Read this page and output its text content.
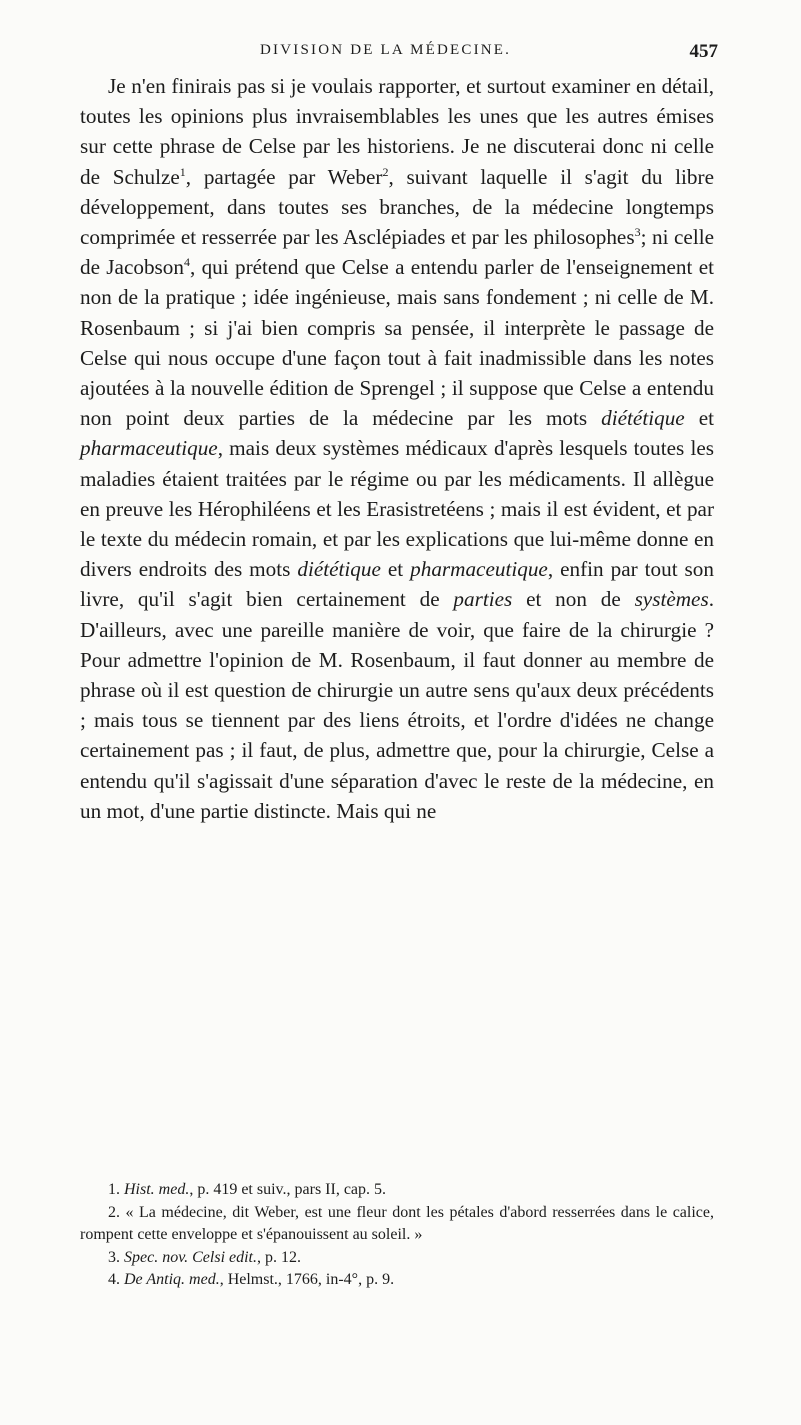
DIVISION DE LA MÉDECINE.	457

Je n'en finirais pas si je voulais rapporter, et surtout examiner en détail, toutes les opinions plus invraisemblables les unes que les autres émises sur cette phrase de Celse par les historiens. Je ne discuterai donc ni celle de Schulze$^1$, partagée par Weber$^2$, suivant laquelle il s'agit du libre développement, dans toutes ses branches, de la médecine longtemps comprimée et resserrée par les Asclépiades et par les philosophes$^3$; ni celle de Jacobson$^4$, qui prétend que Celse a entendu parler de l'enseignement et non de la pratique ; idée ingénieuse, mais sans fondement ; ni celle de M. Rosenbaum ; si j'ai bien compris sa pensée, il interprète le passage de Celse qui nous occupe d'une façon tout à fait inadmissible dans les notes ajoutées à la nouvelle édition de Sprengel ; il suppose que Celse a entendu non point deux parties de la médecine par les mots diététique et pharmaceutique, mais deux systèmes médicaux d'après lesquels toutes les maladies étaient traitées par le régime ou par les médicaments. Il allègue en preuve les Hérophiléens et les Erasistretéens ; mais il est évident, et par le texte du médecin romain, et par les explications que lui-même donne en divers endroits des mots diététique et pharmaceutique, enfin par tout son livre, qu'il s'agit bien certainement de parties et non de systèmes. D'ailleurs, avec une pareille manière de voir, que faire de la chirurgie ? Pour admettre l'opinion de M. Rosenbaum, il faut donner au membre de phrase où il est question de chirurgie un autre sens qu'aux deux précédents ; mais tous se tiennent par des liens étroits, et l'ordre d'idées ne change certainement pas ; il faut, de plus, admettre que, pour la chirurgie, Celse a entendu qu'il s'agissait d'une séparation d'avec le reste de la médecine, en un mot, d'une partie distincte. Mais qui ne

1. Hist. med., p. 419 et suiv., pars II, cap. 5.

2. « La médecine, dit Weber, est une fleur dont les pétales d'abord resserrées dans le calice, rompent cette enveloppe et s'épanouissent au soleil. »

3. Spec. nov. Celsi edit., p. 12.

4. De Antiq. med., Helmst., 1766, in-4°, p. 9.
